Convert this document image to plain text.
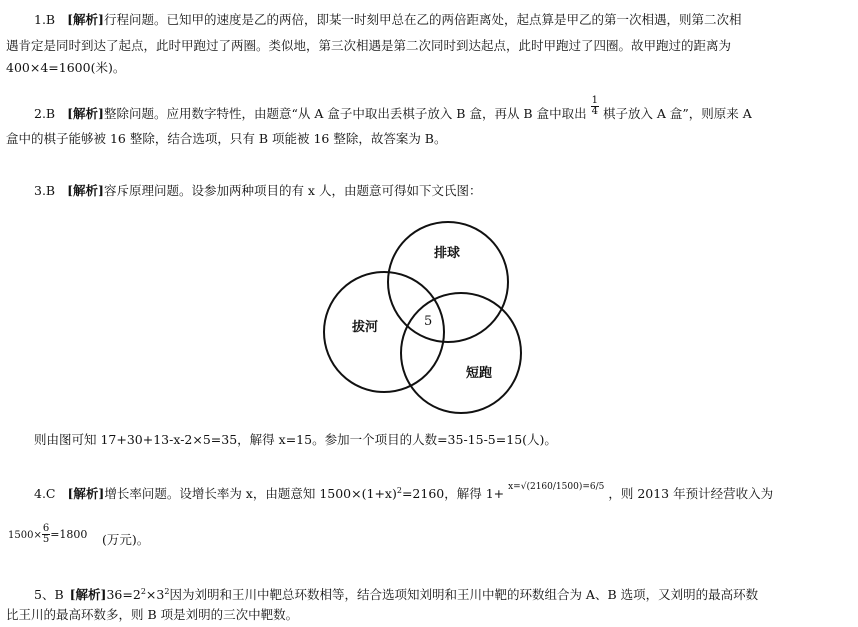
1.B [解析]行程问题。已知甲的速度是乙的两倍，即某一时刻甲总在乙的两倍距离处，起点算是甲乙的第一次相遇，则第二次相
遇肯定是同时到达了起点，此时甲跑过了两圈。类似地，第三次相遇是第二次同时到达起点，此时甲跑过了四圈。故甲跑过的距离为
400×4=1600(米)。
2.B [解析]整除问题。应用数字特性，由题意“从 A 盒子中取出丢棋子放入 B 盒，再从 B 盒中取出 $\frac{1}{4}$ 棋子放入 A 盒”，则原来 A
盒中的棋子能够被 16 整除，结合选项，只有 B 项能被 16 整除，故答案为 B。
3.B [解析]容斥原理问题。设参加两种项目的有 x 人，由题意可得如下文氏图：
排球
拔河
短跑
5
则由图可知 17+30+13-x-2×5=35，解得 x=15。参加一个项目的人数=35-15-5=15(人)。
4.C [解析]增长率问题。设增长率为 x，由题意知 $1500\times(1+x)^2=2160$，解得 1+ x=√(2160/1500)=6/5 ，则 2013 年预计经营收入为
$1500\times \frac{6}{5} =1800$ (万元)。
5、B [解析]$36=2^2\times 3^2$因为刘明和王川中靶总环数相等，结合选项知刘明和王川中靶的环数组合为 A、B 选项，又刘明的最高环数
比王川的最高环数多，则 B 项是刘明的三次中靶数。
